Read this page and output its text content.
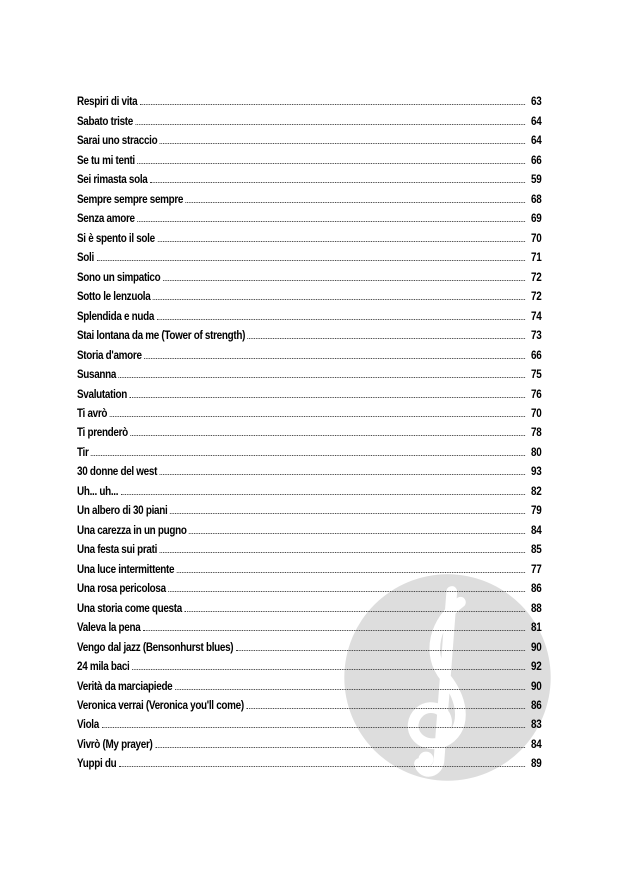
Respiri di vita	63
Sabato triste	64
Sarai uno straccio	64
Se tu mi tenti	66
Sei rimasta sola	59
Sempre sempre sempre	68
Senza amore	69
Si è spento il sole	70
Soli	71
Sono un simpatico	72
Sotto le lenzuola	72
Splendida e nuda	74
Stai lontana da me (Tower of strength)	73
Storia d'amore	66
Susanna	75
Svalutation	76
Ti avrò	70
Ti prenderò	78
Tir	80
30 donne del west	93
Uh... uh...	82
Un albero di 30 piani	79
Una carezza in un pugno	84
Una festa sui prati	85
Una luce intermittente	77
Una rosa pericolosa	86
Una storia come questa	88
Valeva la pena	81
Vengo dal jazz (Bensonhurst blues)	90
24 mila baci	92
Verità da marciapiede	90
Veronica verrai (Veronica you'll come)	86
Viola	83
Vivrò (My prayer)	84
Yuppi du	89
